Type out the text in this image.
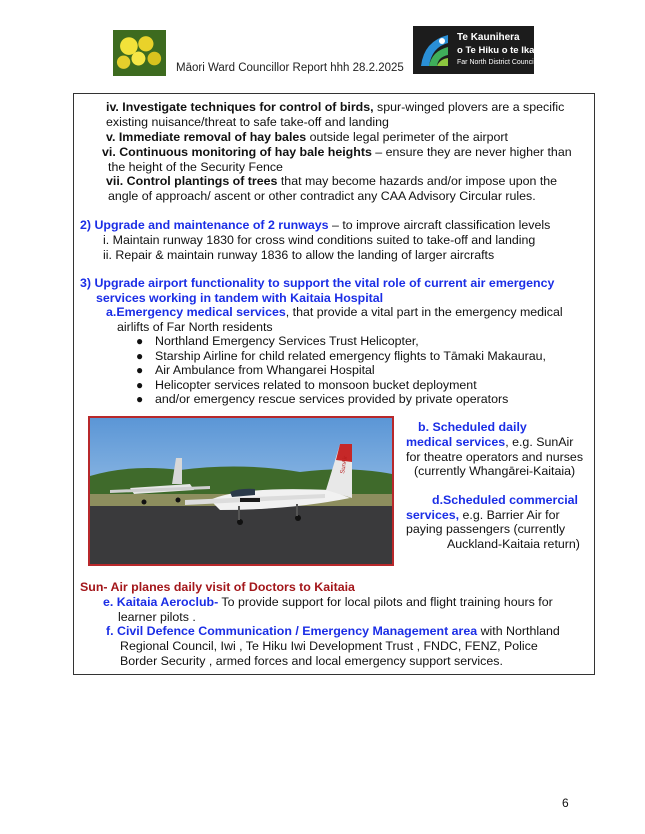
Māori Ward Councillor Report hhh 28.2.2025
Te Kaunihera
o Te Hiku o te Ika
Far North District Council
iv. Investigate techniques for control of birds, spur-winged plovers are a specific
existing nuisance/threat to safe take-off and landing
v. Immediate removal of hay bales outside legal perimeter of the airport
vi. Continuous monitoring of hay bale heights – ensure they are never higher than
the height of the Security Fence
vii. Control plantings of trees that may become hazards and/or impose upon the
angle of approach/ ascent or other contradict any CAA Advisory Circular rules.
2) Upgrade and maintenance of 2 runways – to improve aircraft classification levels
i. Maintain runway 1830 for cross wind conditions suited to take-off and landing
ii. Repair & maintain runway 1836 to allow the landing of larger aircrafts
3) Upgrade airport functionality to support the vital role of current air emergency
services working in tandem with Kaitaia Hospital
a.Emergency medical services, that provide a vital part in the emergency medical
airlifts of Far North residents
● Northland Emergency Services Trust Helicopter,
● Starship Airline for child related emergency flights to Tāmaki Makaurau,
● Air Ambulance from Whangarei Hospital
● Helicopter services related to monsoon bucket deployment
● and/or emergency rescue services provided by private operators
SunAir
b. Scheduled daily
medical services, e.g. SunAir
for theatre operators and nurses
(currently Whangārei-Kaitaia)
d.Scheduled commercial
services, e.g. Barrier Air for
paying passengers (currently
Auckland-Kaitaia return)
Sun- Air planes daily visit of Doctors to Kaitaia
e. Kaitaia Aeroclub- To provide support for local pilots and flight training hours for
learner pilots .
f. Civil Defence Communication / Emergency Management area with Northland
Regional Council, Iwi , Te Hiku Iwi Development Trust , FNDC, FENZ, Police
Border Security , armed forces and local emergency support services.
6
